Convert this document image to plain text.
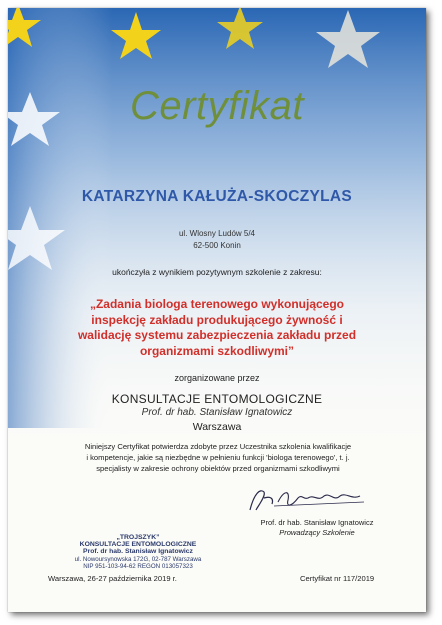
Certyfikat
KATARZYNA KAŁUŻA-SKOCZYLAS
ul. Wlosny Ludów 5/4
62-500 Konin
ukończyła z wynikiem pozytywnym szkolenie z zakresu:
„Zadania biologa terenowego wykonującego
inspekcję zakładu produkującego żywność i
walidację systemu zabezpieczenia zakładu przed
organizmami szkodliwymi”
zorganizowane przez
KONSULTACJE ENTOMOLOGICZNE
Prof. dr hab. Stanisław Ignatowicz
Warszawa
Niniejszy Certyfikat potwierdza zdobyte przez Uczestnika szkolenia kwalifikacje
i kompetencje, jakie są niezbędne w pełnieniu funkcji 'biologa terenowego', t. j.
specjalisty w zakresie ochrony obiektów przed organizmami szkodliwymi
Prof. dr hab. Stanisław Ignatowicz
Prowadzący Szkolenie
„TROJSZYK”
KONSULTACJE ENTOMOLOGICZNE
Prof. dr hab. Stanisław Ignatowicz
ul. Nowoursynowska 172G, 02-787 Warszawa
NIP 951-103-94-62 REGON 013057323
Warszawa, 26-27 października 2019 r.	Certyfikat nr 117/2019
